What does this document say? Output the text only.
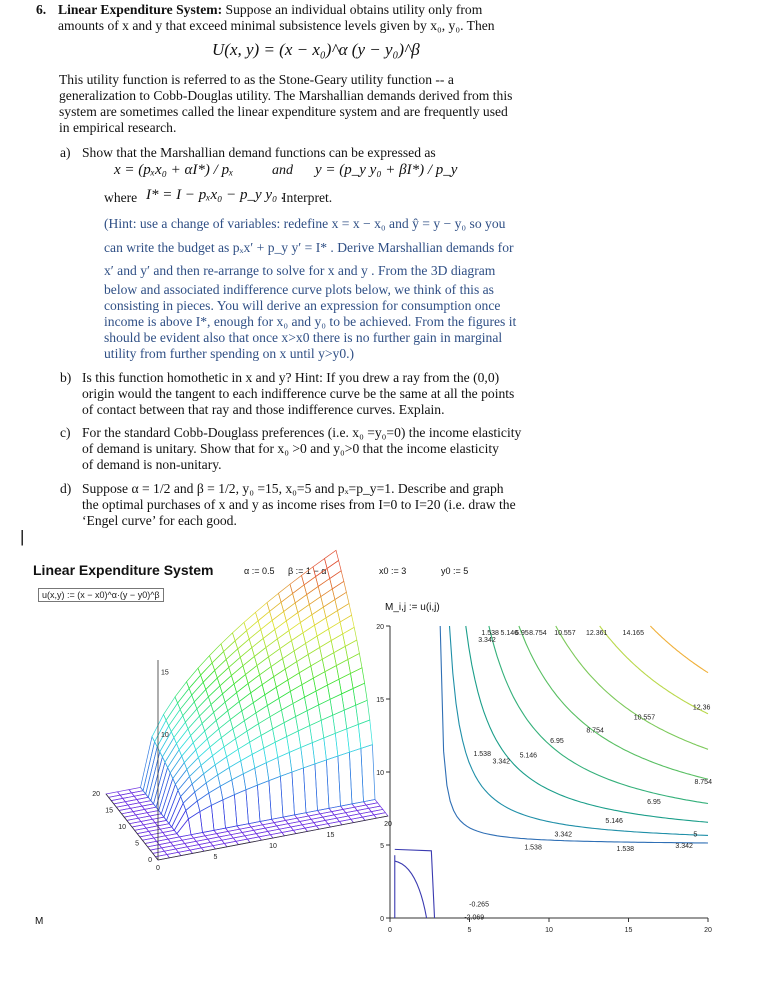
6. Linear Expenditure System: Suppose an individual obtains utility only from
amounts of x and y that exceed minimal subsistence levels given by x₀, y₀. Then
U(x, y) = (x − x₀)^α (y − y₀)^β
This utility function is referred to as the Stone-Geary utility function -- a
generalization to Cobb-Douglas utility. The Marshallian demands derived from this
system are sometimes called the linear expenditure system and are frequently used
in empirical research.
a) Show that the Marshallian demand functions can be expressed as
x = (pₓx₀ + αI*) / pₓ	and y = (p_y y₀ + βI*) / p_y
where I* = I − pₓx₀ − p_y y₀ .
Interpret.
(Hint: use a change of variables: redefine x = x − x₀ and ŷ = y − y₀ so you
can write the budget as pₓx′ + p_y y′ = I* . Derive Marshallian demands for
x′ and y′ and then re-arrange to solve for x and y . From the 3D diagram
below and associated indifference curve plots below, we think of this as
consisting in pieces. You will derive an expression for consumption once
income is above I*, enough for x₀ and y₀ to be achieved. From the figures it
should be evident also that once x>x0 there is no further gain in marginal
utility from further spending on x until y>y0.)
b) Is this function homothetic in x and y? Hint: If you drew a ray from the (0,0)
origin would the tangent to each indifference curve be the same at all the points
of contact between that ray and those indifference curves. Explain.
c) For the standard Cobb-Douglass preferences (i.e. x₀ =y₀=0) the income elasticity
of demand is unitary. Show that for x₀ >0 and y₀>0 that the income elasticity
of demand is non-unitary.
d) Suppose α = 1/2 and β = 1/2, y₀ =15, x₀=5 and pₓ=p_y=1. Describe and graph
the optimal purchases of x and y as income rises from I=0 to I=20 (i.e. draw the
‘Engel curve’ for each good.
|
Linear Expenditure System	α := 0.5 β := 1 − α	x0 := 3	y0 := 5
u(x,y) := (x − x0)^α·(y − y0)^β
M_i,j := u(i,j)
M
0
5
10
15
20
0
5
10
15
20
10
15
0	5	10	15	20
0
5
10
15
20
1.538 5.146
6.95 8.754 10.557 12.361 14.165
3.342
12.36
10.557
8.754
6.95
1.538
3.342
5.146
8.754
6.95
5.146
3.342	5
3.342
1.538
1.538
-0.265
-2.069
